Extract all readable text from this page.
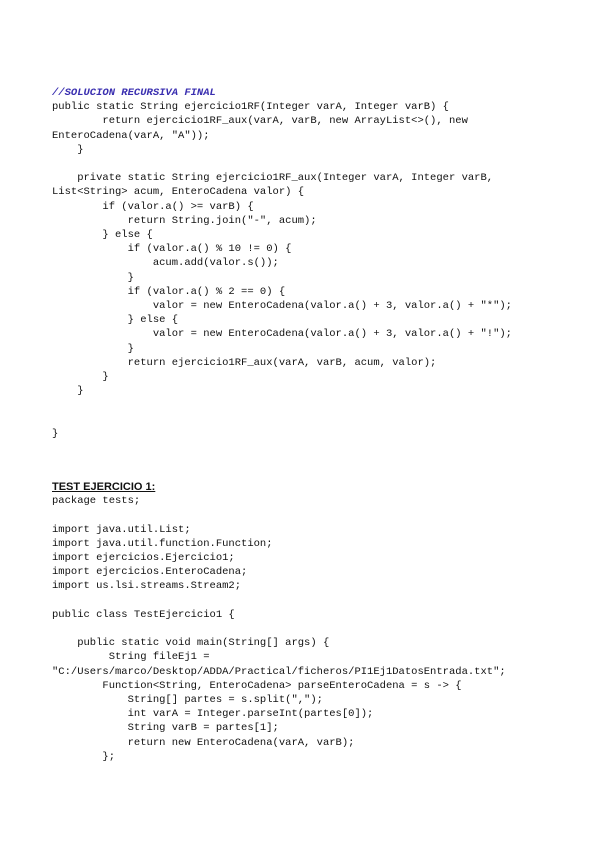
//SOLUCION RECURSIVA FINAL
public static String ejercicio1RF(Integer varA, Integer varB) {
return ejercicio1RF_aux(varA, varB, new ArrayList<>(), new
EnteroCadena(varA, "A"));
}
private static String ejercicio1RF_aux(Integer varA, Integer varB,
List<String> acum, EnteroCadena valor) {
if (valor.a() >= varB) {
return String.join("-", acum);
} else {
if (valor.a() % 10 != 0) {
acum.add(valor.s());
}
if (valor.a() % 2 == 0) {
valor = new EnteroCadena(valor.a() + 3, valor.a() + "*");
} else {
valor = new EnteroCadena(valor.a() + 3, valor.a() + "!");
}
return ejercicio1RF_aux(varA, varB, acum, valor);
}
}
}
TEST EJERCICIO 1:
package tests;
import java.util.List;
import java.util.function.Function;
import ejercicios.Ejercicio1;
import ejercicios.EnteroCadena;
import us.lsi.streams.Stream2;
public class TestEjercicio1 {
public static void main(String[] args) {
String fileEj1 =
"C:/Users/marco/Desktop/ADDA/Practical/ficheros/PI1Ej1DatosEntrada.txt";
Function<String, EnteroCadena> parseEnteroCadena = s -> {
String[] partes = s.split(",");
int varA = Integer.parseInt(partes[0]);
String varB = partes[1];
return new EnteroCadena(varA, varB);
};
